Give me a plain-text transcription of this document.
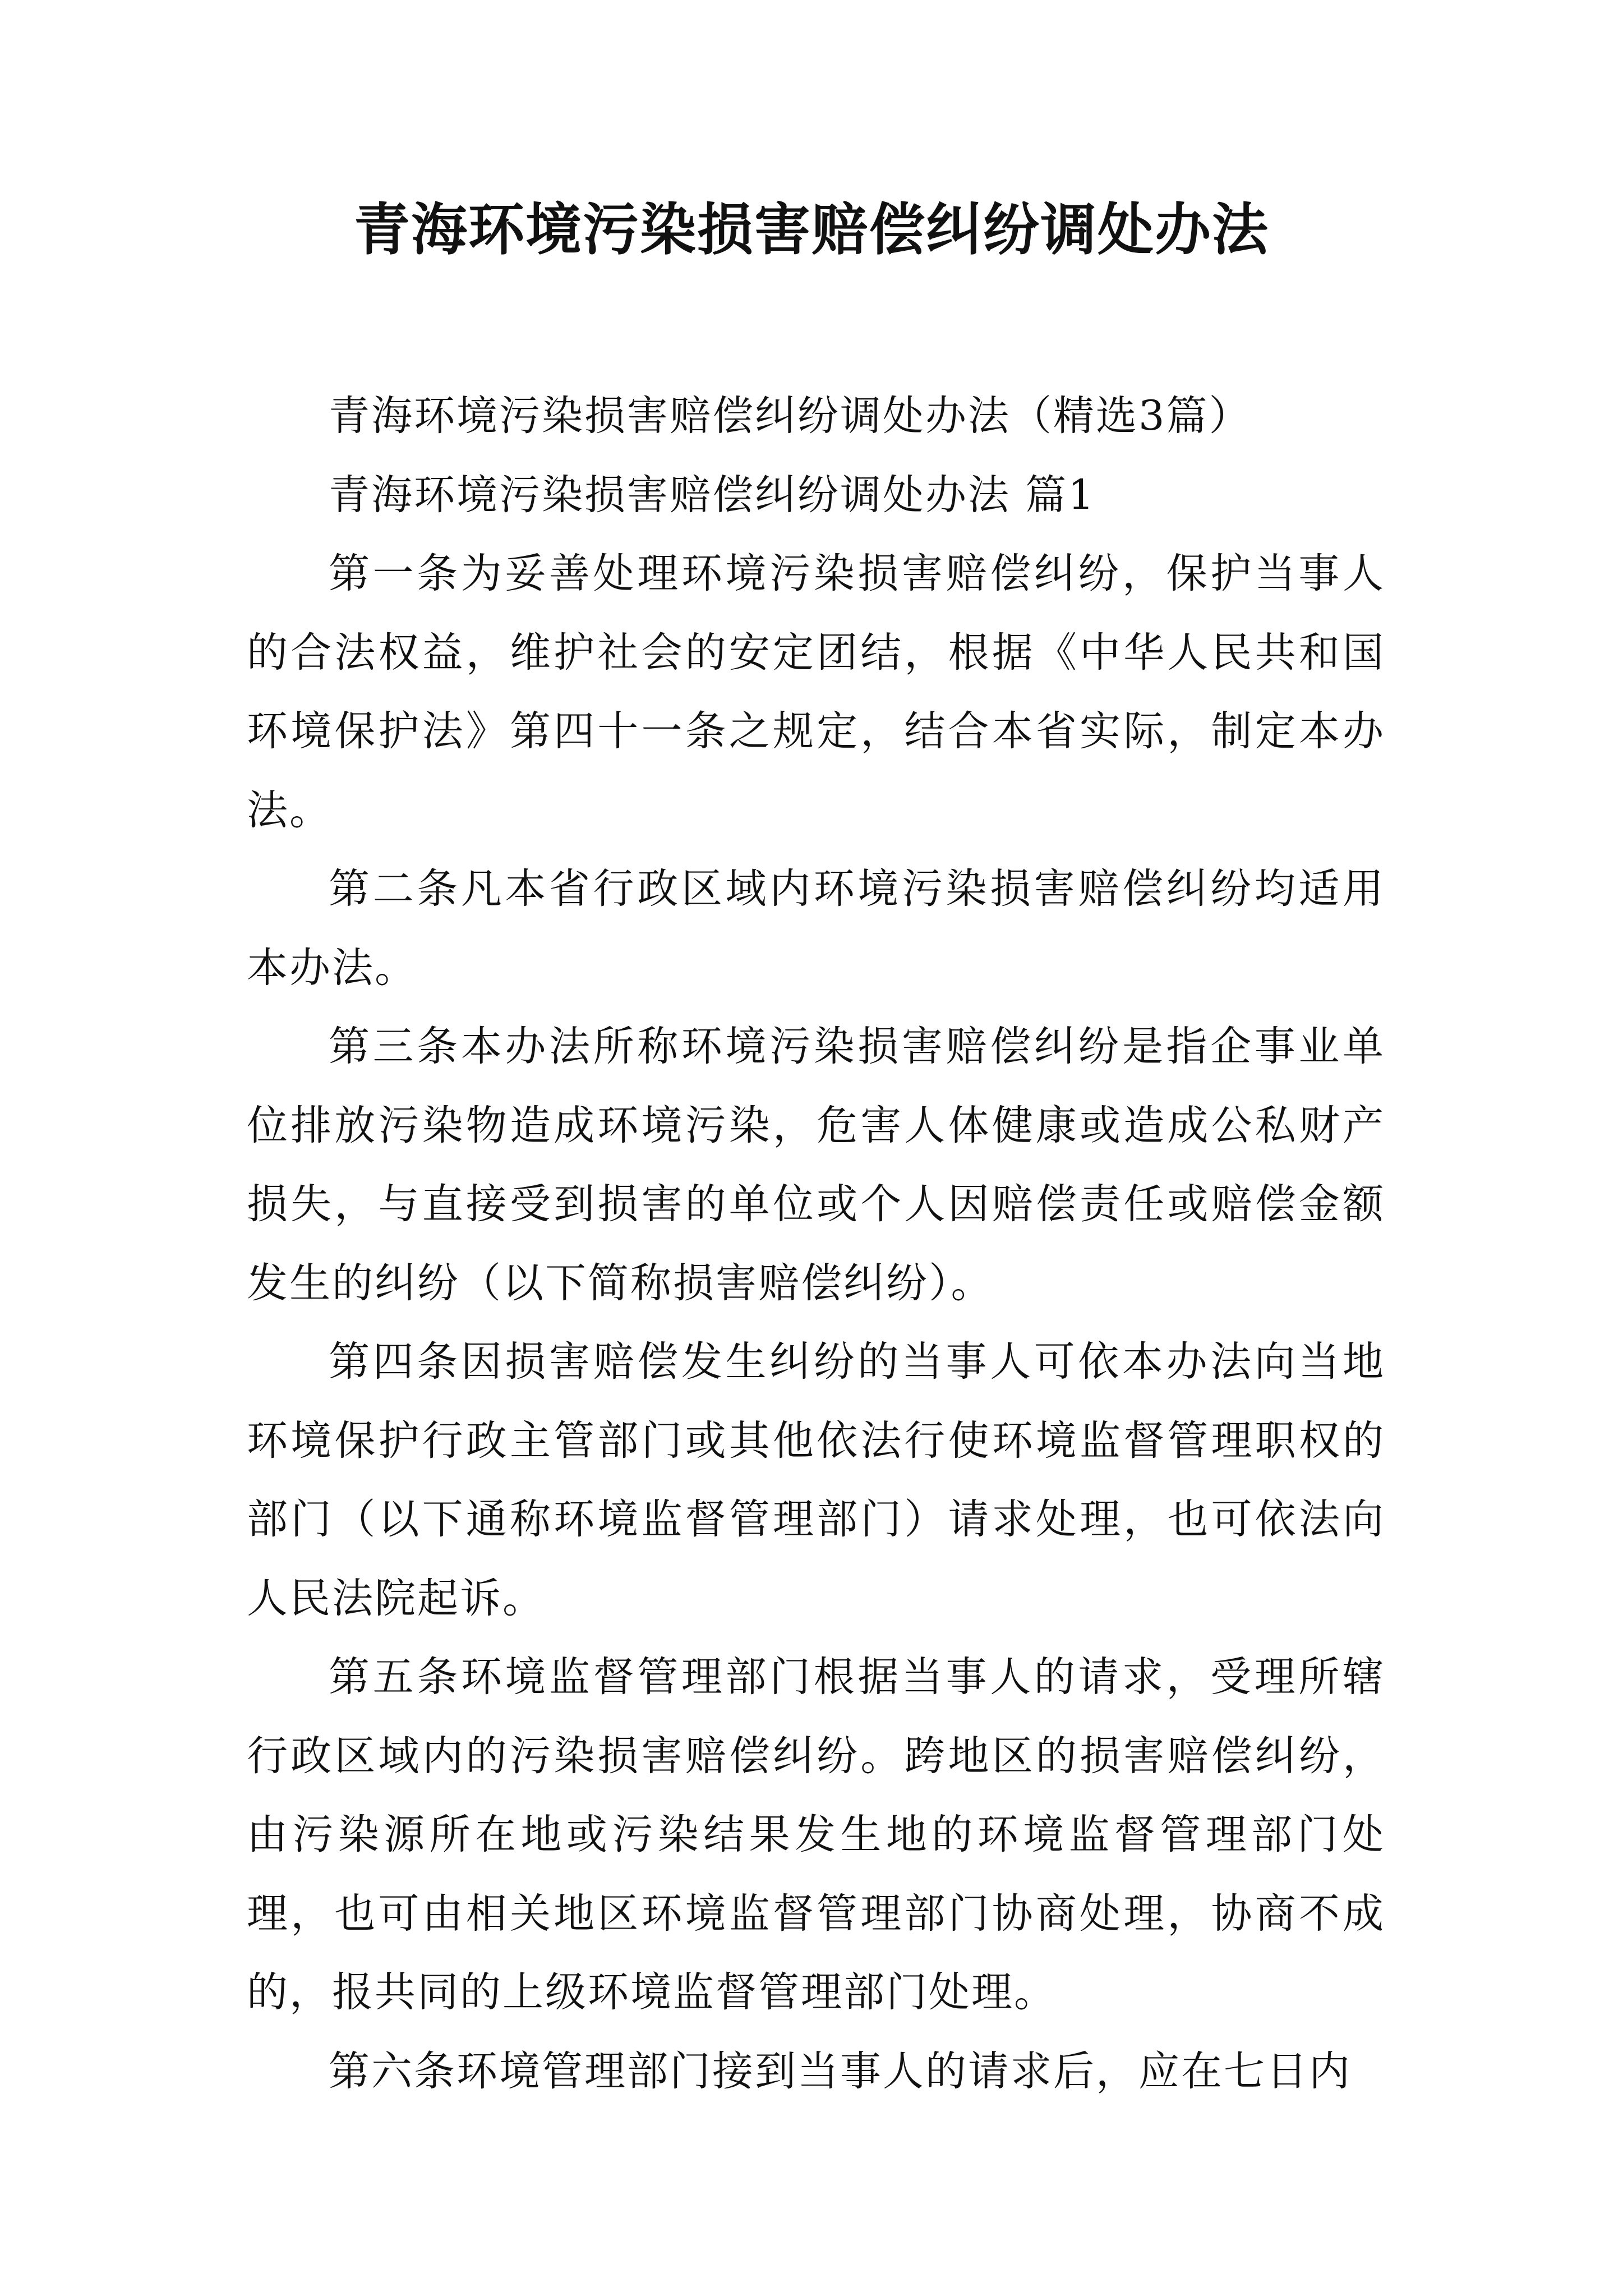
青海环境污染损害赔偿纠纷调处办法

青海环境污染损害赔偿纠纷调处办法（精选3篇）

青海环境污染损害赔偿纠纷调处办法 篇1

第一条为妥善处理环境污染损害赔偿纠纷，保护当事人的合法权益，维护社会的安定团结，根据《中华人民共和国环境保护法》第四十一条之规定，结合本省实际，制定本办法。

第二条凡本省行政区域内环境污染损害赔偿纠纷均适用本办法。

第三条本办法所称环境污染损害赔偿纠纷是指企事业单位排放污染物造成环境污染，危害人体健康或造成公私财产损失，与直接受到损害的单位或个人因赔偿责任或赔偿金额发生的纠纷（以下简称损害赔偿纠纷）。

第四条因损害赔偿发生纠纷的当事人可依本办法向当地环境保护行政主管部门或其他依法行使环境监督管理职权的部门（以下通称环境监督管理部门）请求处理，也可依法向人民法院起诉。

第五条环境监督管理部门根据当事人的请求，受理所辖行政区域内的污染损害赔偿纠纷。跨地区的损害赔偿纠纷，由污染源所在地或污染结果发生地的环境监督管理部门处理，也可由相关地区环境监督管理部门协商处理，协商不成的，报共同的上级环境监督管理部门处理。

第六条环境管理部门接到当事人的请求后，应在七日内
